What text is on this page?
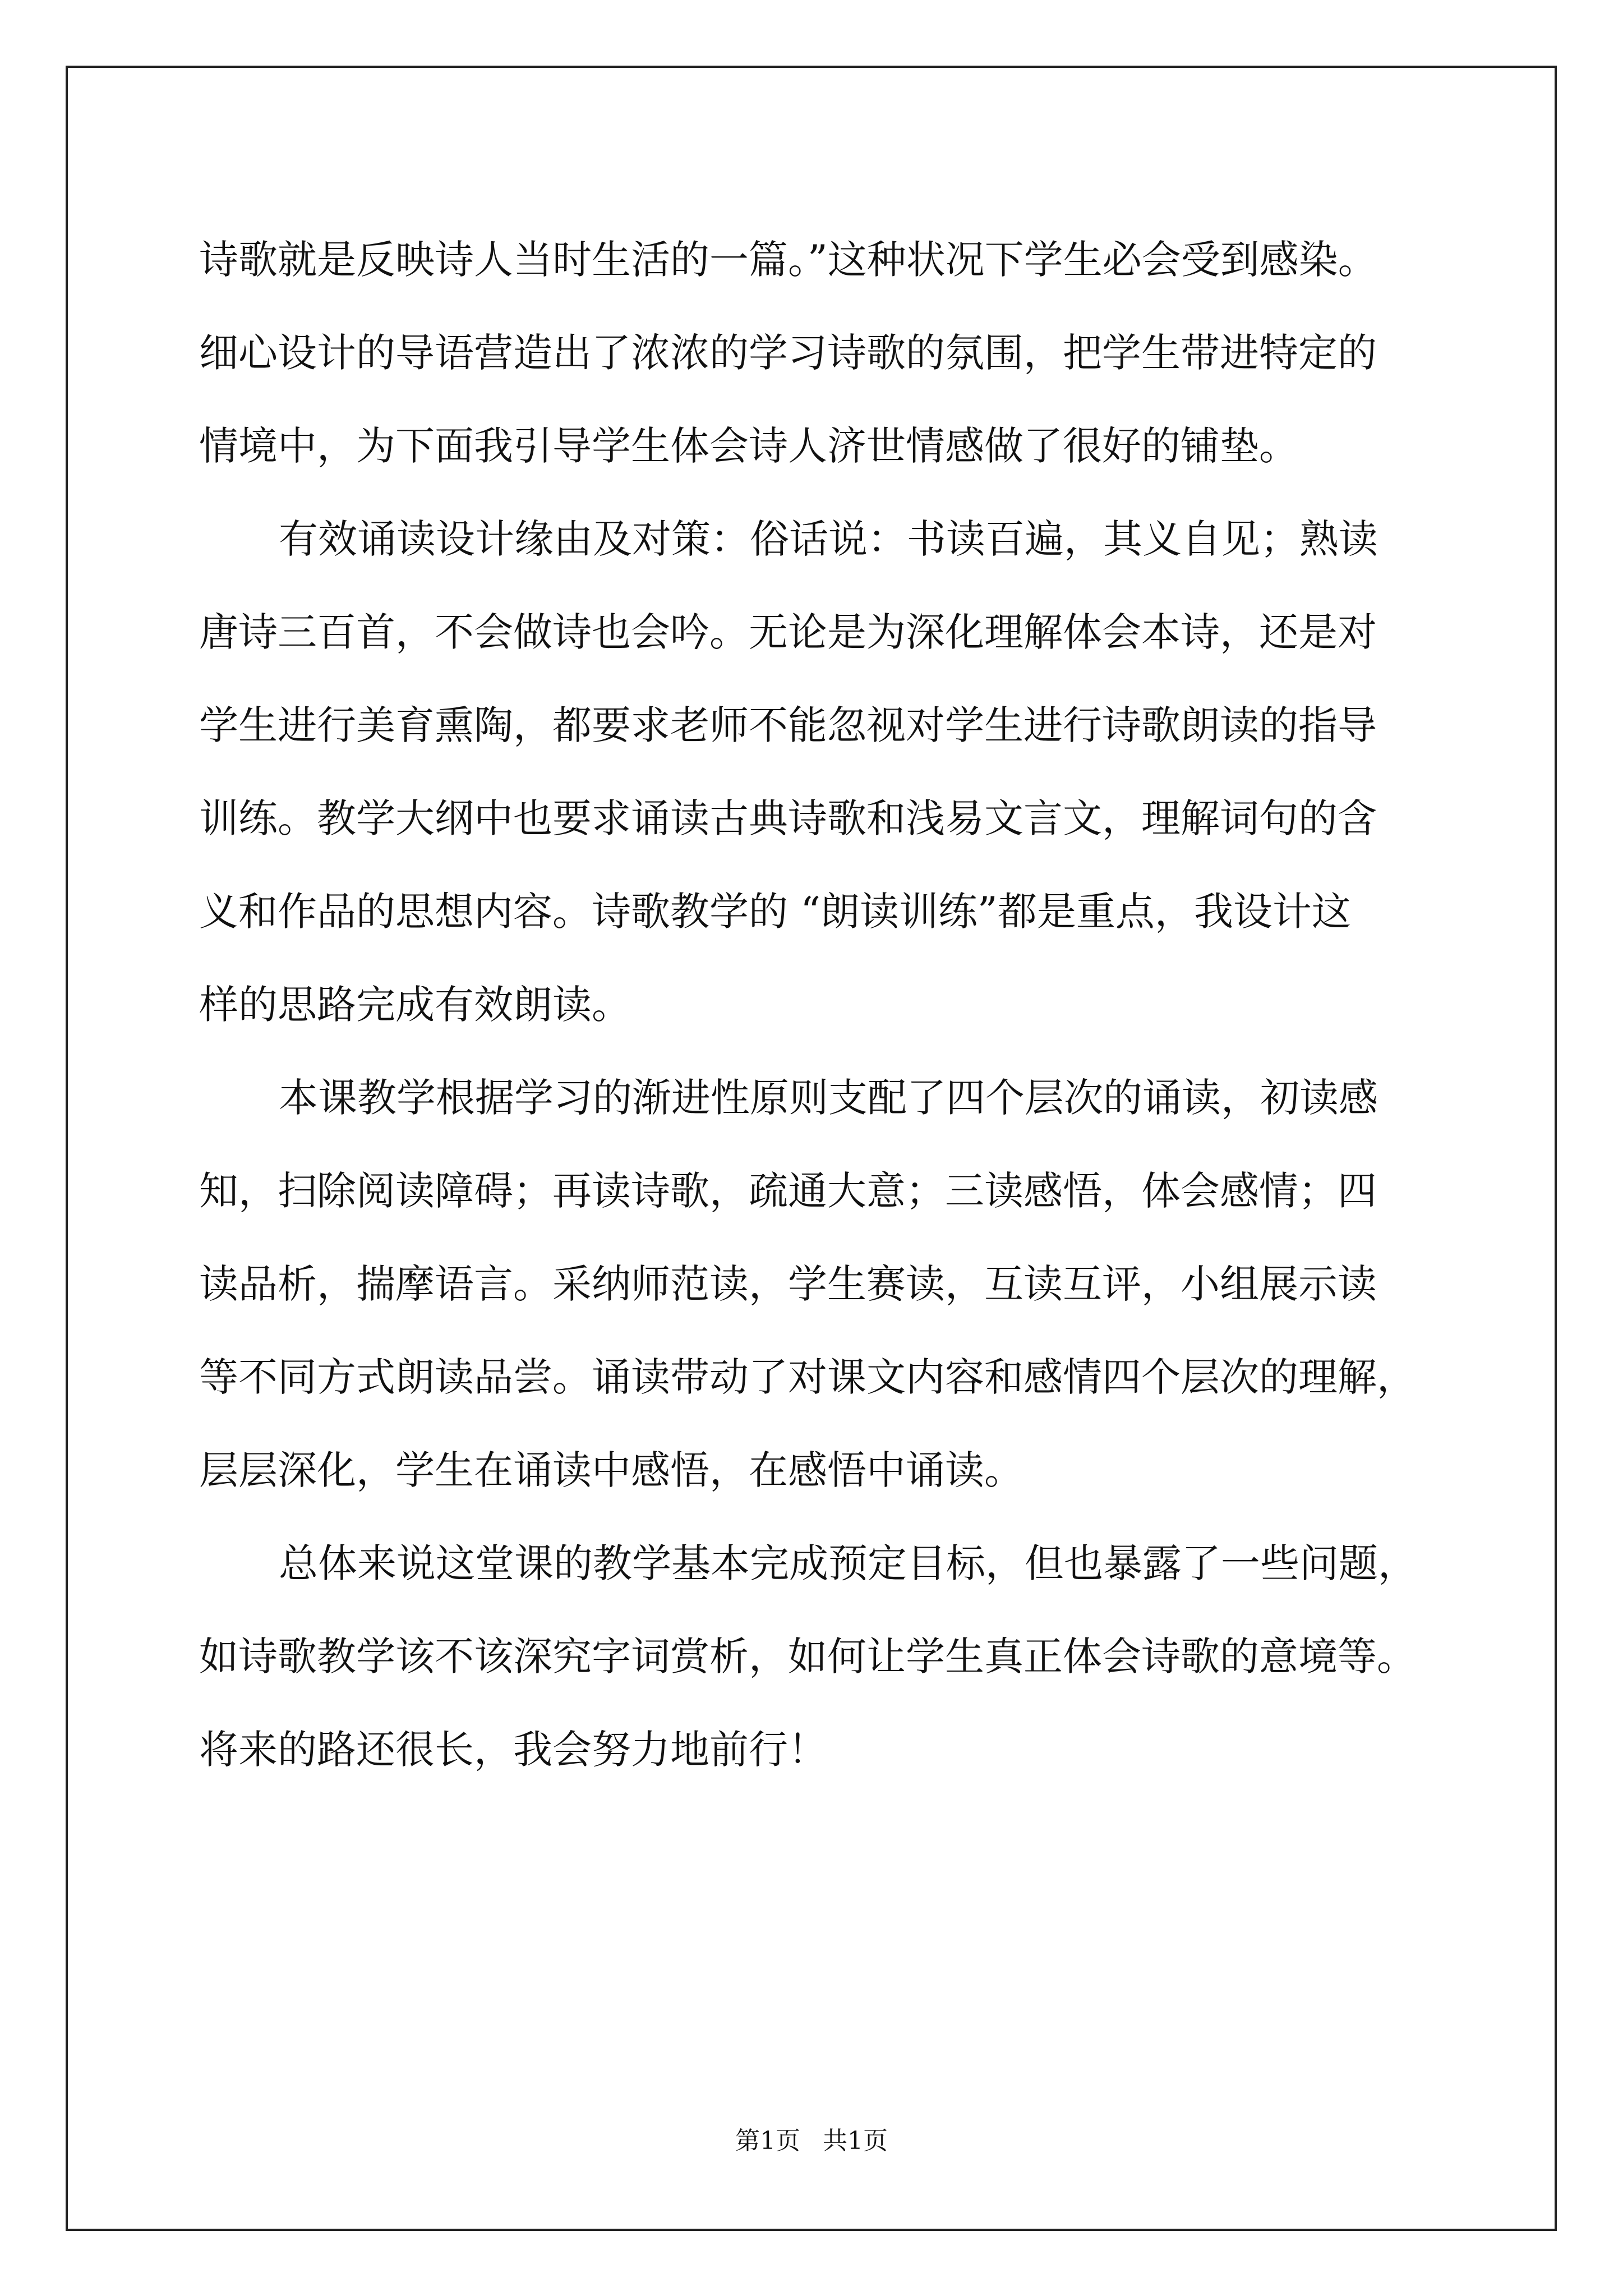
诗歌就是反映诗人当时生活的一篇。”这种状况下学生必会受到感染。
细心设计的导语营造出了浓浓的学习诗歌的氛围，把学生带进特定的
情境中，为下面我引导学生体会诗人济世情感做了很好的铺垫。
有效诵读设计缘由及对策：俗话说：书读百遍，其义自见；熟读
唐诗三百首，不会做诗也会吟。无论是为深化理解体会本诗，还是对
学生进行美育熏陶，都要求老师不能忽视对学生进行诗歌朗读的指导
训练。教学大纲中也要求诵读古典诗歌和浅易文言文，理解词句的含
义和作品的思想内容。诗歌教学的 “朗读训练”都是重点，我设计这
样的思路完成有效朗读。
本课教学根据学习的渐进性原则支配了四个层次的诵读，初读感
知，扫除阅读障碍；再读诗歌，疏通大意；三读感悟，体会感情；四
读品析，揣摩语言。采纳师范读，学生赛读，互读互评，小组展示读
等不同方式朗读品尝。诵读带动了对课文内容和感情四个层次的理解，
层层深化，学生在诵读中感悟，在感悟中诵读。
总体来说这堂课的教学基本完成预定目标，但也暴露了一些问题，
如诗歌教学该不该深究字词赏析，如何让学生真正体会诗歌的意境等。
将来的路还很长，我会努力地前行！
第1页 共1页
